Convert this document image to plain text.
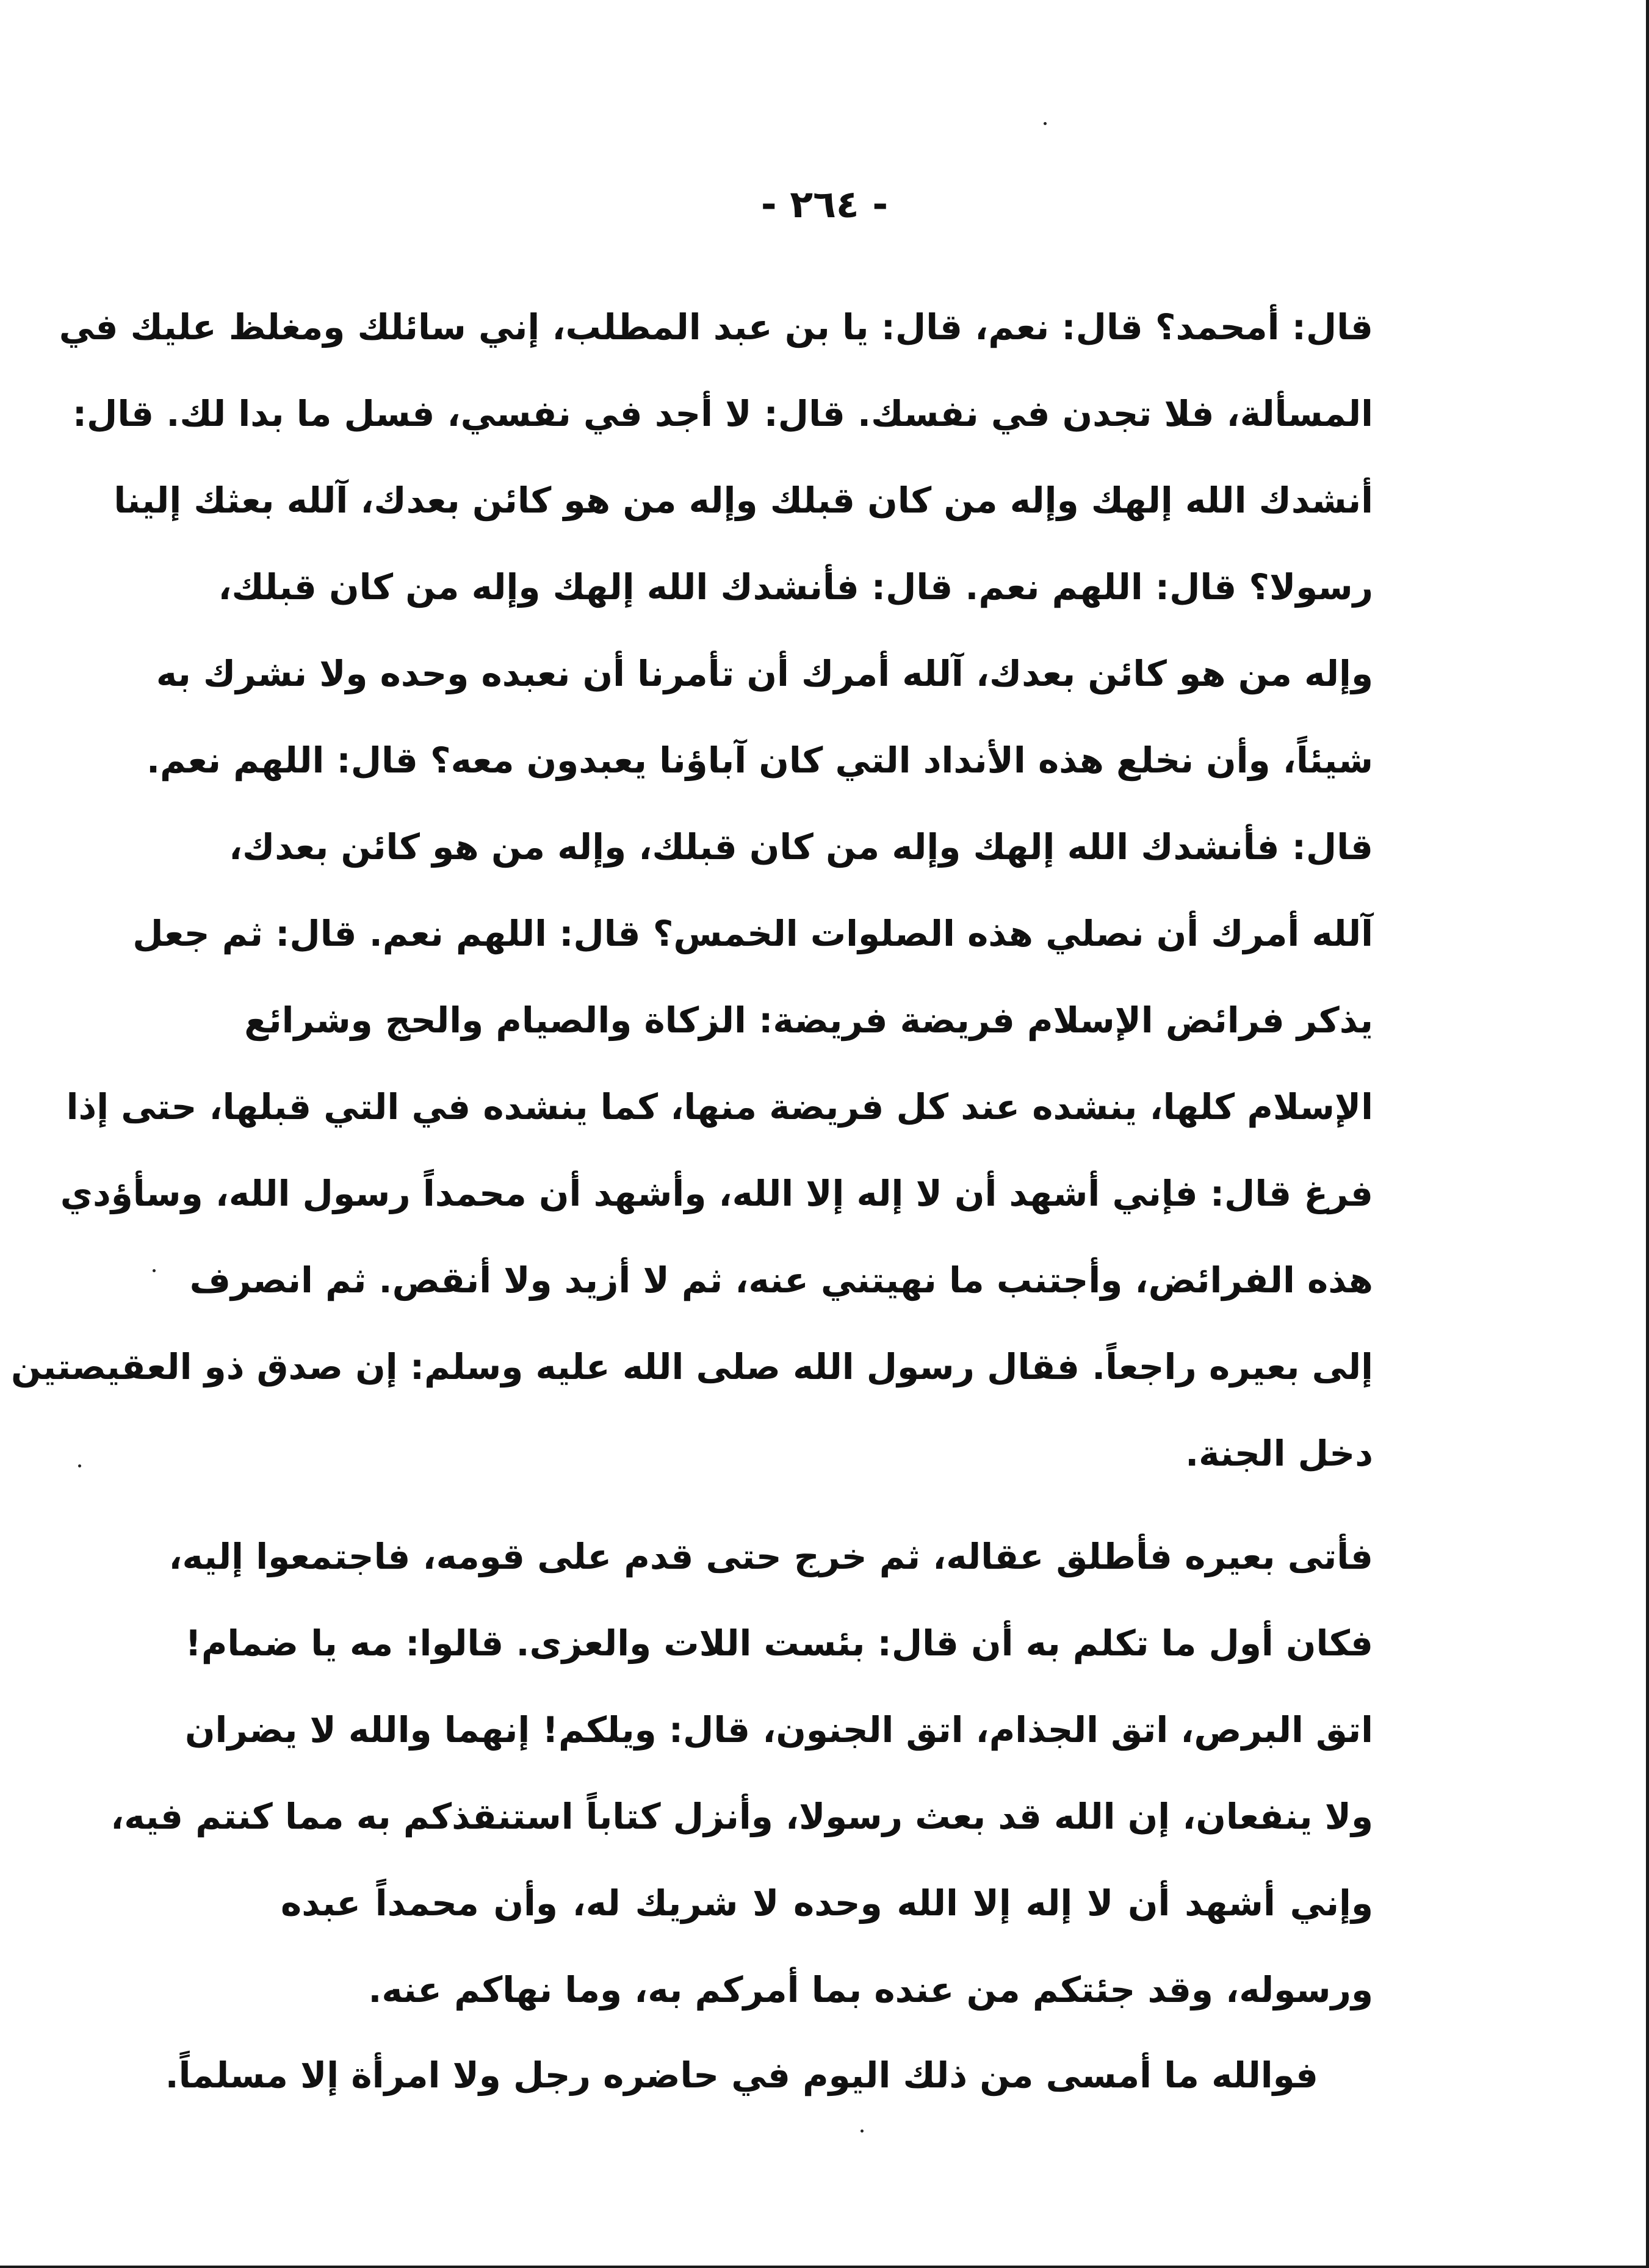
- ٢٦٤ -
قال: أمحمد؟ قال: نعم، قال: يا بن عبد المطلب، إني سائلك ومغلظ عليك في
المسألة، فلا تجدن في نفسك. قال: لا أجد في نفسي، فسل ما بدا لك. قال:
أنشدك الله إلهك وإله من كان قبلك وإله من هو كائن بعدك، آلله بعثك إلينا
رسولا؟ قال: اللهم نعم. قال: فأنشدك الله إلهك وإله من كان قبلك،
وإله من هو كائن بعدك، آلله أمرك أن تأمرنا أن نعبده وحده ولا نشرك به
شيئاً، وأن نخلع هذه الأنداد التي كان آباؤنا يعبدون معه؟ قال: اللهم نعم.
قال: فأنشدك الله إلهك وإله من كان قبلك، وإله من هو كائن بعدك،
آلله أمرك أن نصلي هذه الصلوات الخمس؟ قال: اللهم نعم. قال: ثم جعل
يذكر فرائض الإسلام فريضة فريضة: الزكاة والصيام والحج وشرائع
الإسلام كلها، ينشده عند كل فريضة منها، كما ينشده في التي قبلها، حتى إذا
فرغ قال: فإني أشهد أن لا إله إلا الله، وأشهد أن محمداً رسول الله، وسأؤدي
هذه الفرائض، وأجتنب ما نهيتني عنه، ثم لا أزيد ولا أنقص. ثم انصرف
إلى بعيره راجعاً. فقال رسول الله صلى الله عليه وسلم: إن صدق ذو العقيصتين
دخل الجنة.
فأتى بعيره فأطلق عقاله، ثم خرج حتى قدم على قومه، فاجتمعوا إليه،
فكان أول ما تكلم به أن قال: بئست اللات والعزى. قالوا: مه يا ضمام!
اتق البرص، اتق الجذام، اتق الجنون، قال: ويلكم! إنهما والله لا يضران
ولا ينفعان، إن الله قد بعث رسولا، وأنزل كتاباً استنقذكم به مما كنتم فيه،
وإني أشهد أن لا إله إلا الله وحده لا شريك له، وأن محمداً عبده
ورسوله، وقد جئتكم من عنده بما أمركم به، وما نهاكم عنه.
فوالله ما أمسى من ذلك اليوم في حاضره رجل ولا امرأة إلا مسلماً.
